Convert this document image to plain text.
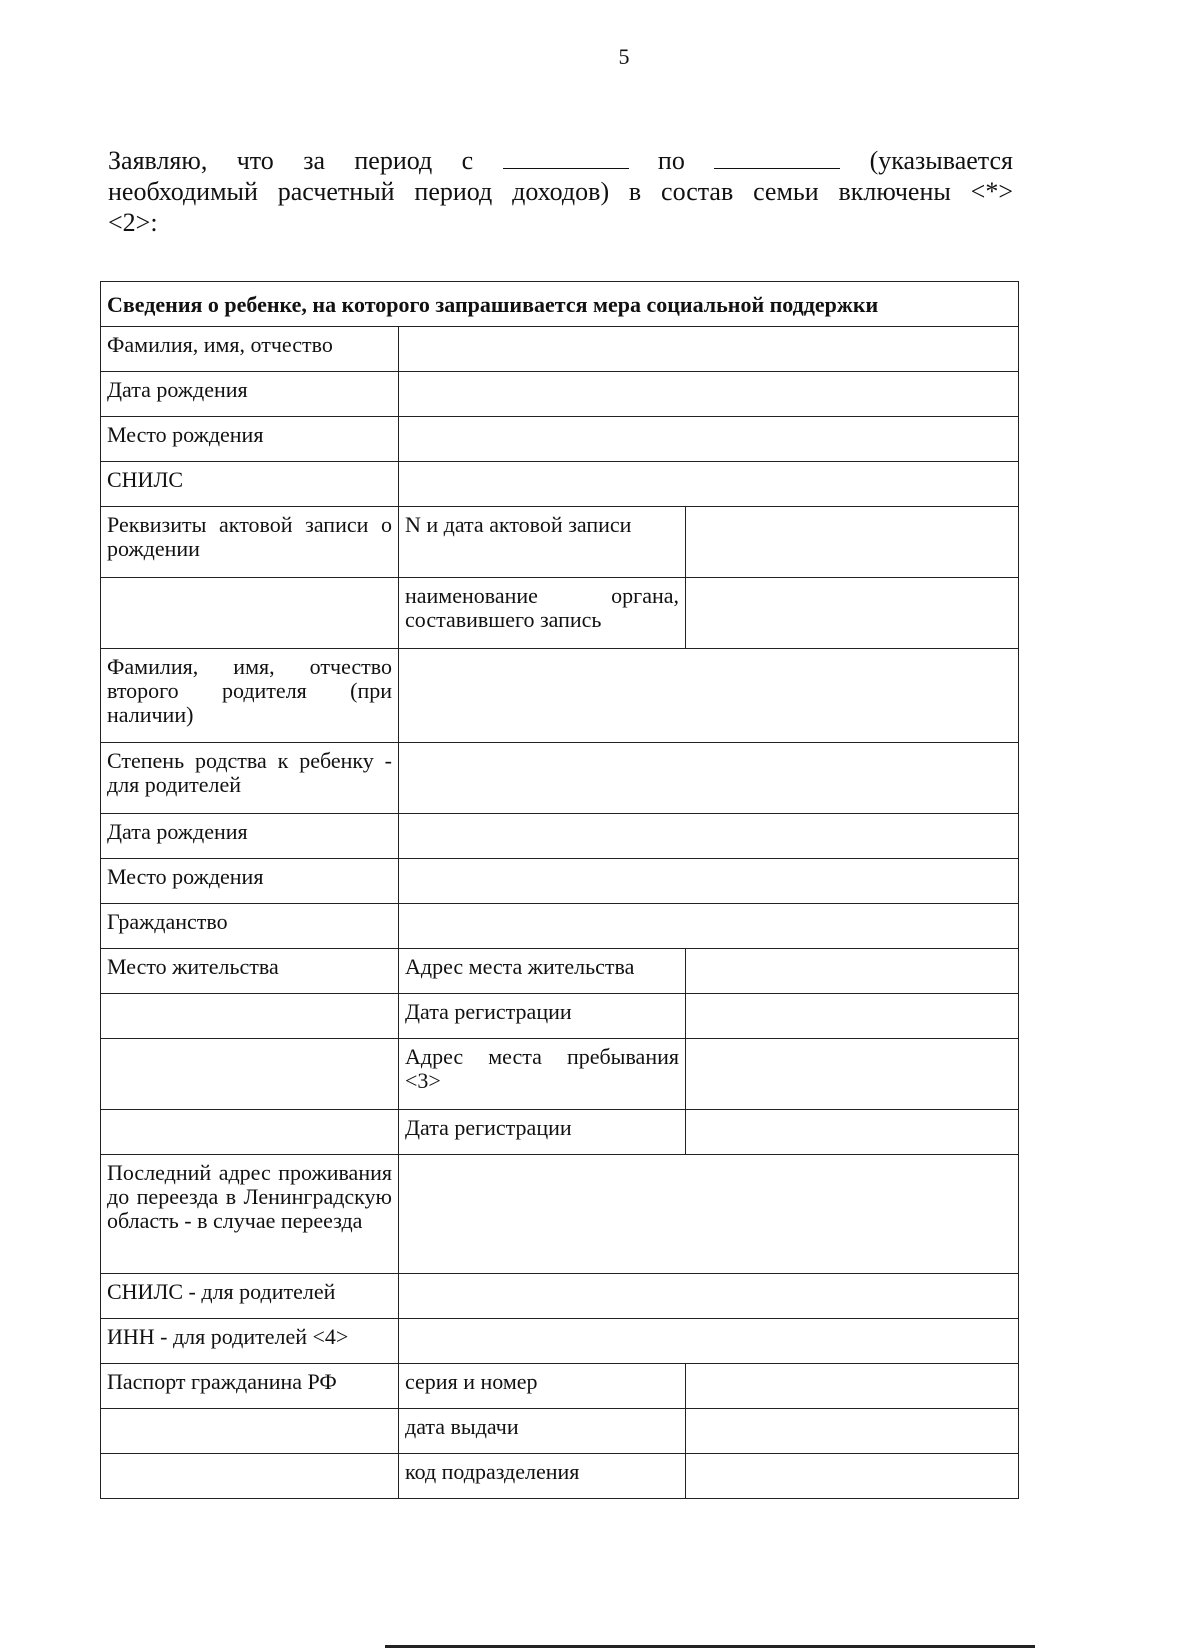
5
Заявляю, что за период с	по	(указывается
необходимый расчетный период доходов) в состав семьи включены <*>
<2>:
Сведения о ребенке, на которого запрашивается мера социальной поддержки		
Фамилия, имя, отчество		
Дата рождения		
Место рождения		
СНИЛС		
Реквизиты актовой записи о рождении	N и дата актовой записи	
	наименование органа, составившего запись	
Фамилия, имя, отчество второго родителя (при наличии)		
Степень родства к ребенку - для родителей		
Дата рождения		
Место рождения		
Гражданство		
Место жительства	Адрес места жительства	
	Дата регистрации	
	Адрес места пребывания <3>	
	Дата регистрации	
Последний адрес проживания до переезда в Ленинградскую область - в случае переезда		
СНИЛС - для родителей		
ИНН - для родителей <4>		
Паспорт гражданина РФ	серия и номер	
	дата выдачи	
	код подразделения	
